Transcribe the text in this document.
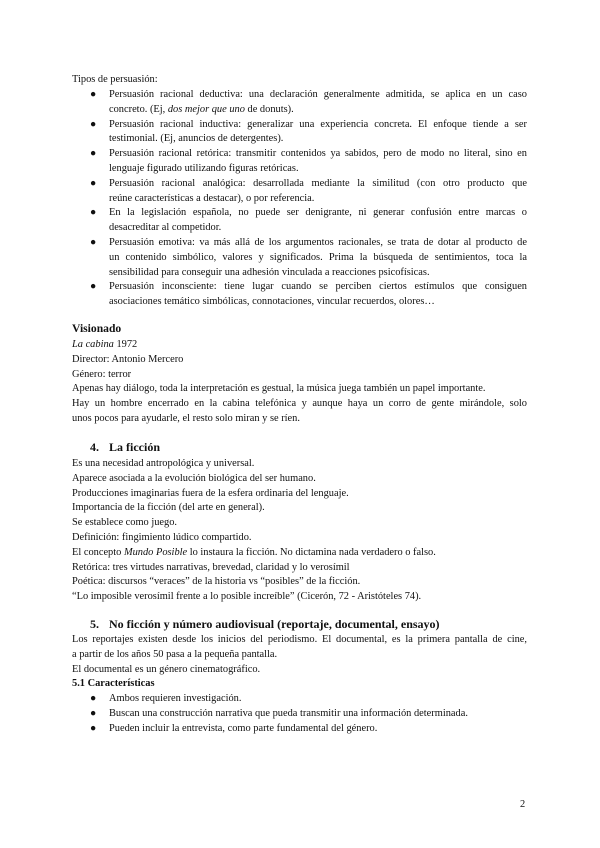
Tipos de persuasión:
● Persuasión racional deductiva: una declaración generalmente admitida, se aplica en un caso
concreto. (Ej, dos mejor que uno de donuts).
● Persuasión racional inductiva: generalizar una experiencia concreta. El enfoque tiende a ser
testimonial. (Ej, anuncios de detergentes).
● Persuasión racional retórica: transmitir contenidos ya sabidos, pero de modo no literal, sino en
lenguaje figurado utilizando figuras retóricas.
● Persuasión racional analógica: desarrollada mediante la similitud (con otro producto que
reúne características a destacar), o por referencia.
● En la legislación española, no puede ser denigrante, ni generar confusión entre marcas o
desacreditar al competidor.
● Persuasión emotiva: va más allá de los argumentos racionales, se trata de dotar al producto de
un contenido simbólico, valores y significados. Prima la búsqueda de sentimientos, toca la
sensibilidad para conseguir una adhesión vinculada a reacciones psicofísicas.
● Persuasión inconsciente: tiene lugar cuando se perciben ciertos estímulos que consiguen
asociaciones temático simbólicas, connotaciones, vincular recuerdos, olores…
Visionado
La cabina 1972
Director: Antonio Mercero
Género: terror
Apenas hay diálogo, toda la interpretación es gestual, la música juega también un papel importante.
Hay un hombre encerrado en la cabina telefónica y aunque haya un corro de gente mirándole, solo
unos pocos para ayudarle, el resto solo miran y se ríen.
4. La ficción
Es una necesidad antropológica y universal.
Aparece asociada a la evolución biológica del ser humano.
Producciones imaginarias fuera de la esfera ordinaria del lenguaje.
Importancia de la ficción (del arte en general).
Se establece como juego.
Definición: fingimiento lúdico compartido.
El concepto Mundo Posible lo instaura la ficción. No dictamina nada verdadero o falso.
Retórica: tres virtudes narrativas, brevedad, claridad y lo verosímil
Poética: discursos “veraces” de la historia vs “posibles” de la ficción.
“Lo imposible verosímil frente a lo posible increíble” (Cicerón, 72 - Aristóteles 74).
5. No ficción y número audiovisual (reportaje, documental, ensayo)
Los reportajes existen desde los inicios del periodismo. El documental, es la primera pantalla de cine,
a partir de los años 50 pasa a la pequeña pantalla.
El documental es un género cinematográfico.
5.1 Características
● Ambos requieren investigación.
● Buscan una construcción narrativa que pueda transmitir una información determinada.
● Pueden incluir la entrevista, como parte fundamental del género.
2
